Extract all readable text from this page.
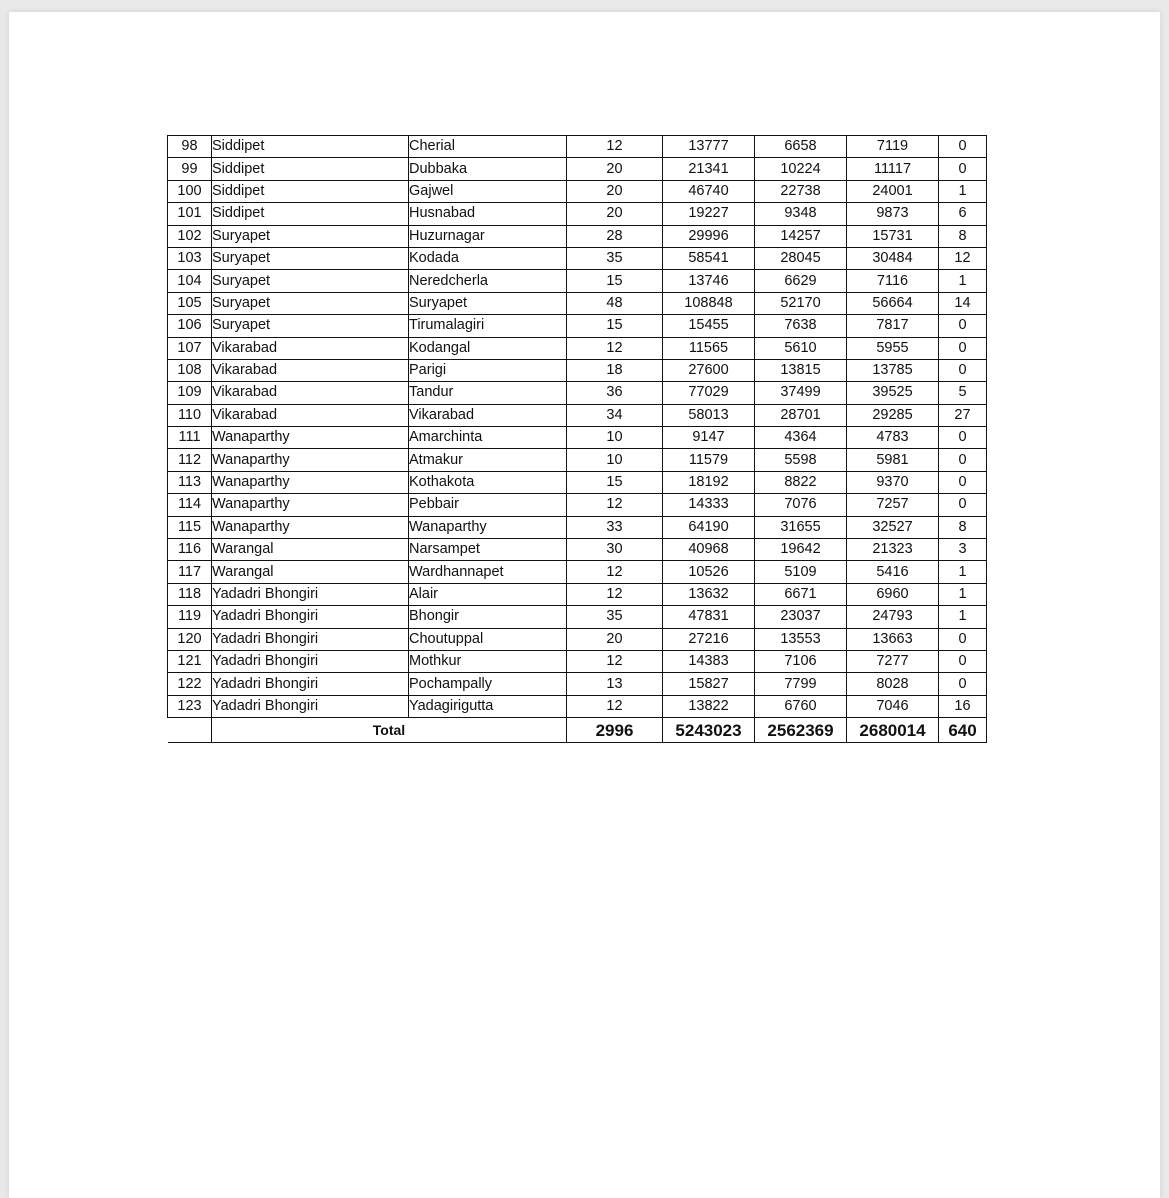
98	Siddipet	Cherial	12	13777	6658	7119	0
99	Siddipet	Dubbaka	20	21341	10224	11117	0
100	Siddipet	Gajwel	20	46740	22738	24001	1
101	Siddipet	Husnabad	20	19227	9348	9873	6
102	Suryapet	Huzurnagar	28	29996	14257	15731	8
103	Suryapet	Kodada	35	58541	28045	30484	12
104	Suryapet	Neredcherla	15	13746	6629	7116	1
105	Suryapet	Suryapet	48	108848	52170	56664	14
106	Suryapet	Tirumalagiri	15	15455	7638	7817	0
107	Vikarabad	Kodangal	12	11565	5610	5955	0
108	Vikarabad	Parigi	18	27600	13815	13785	0
109	Vikarabad	Tandur	36	77029	37499	39525	5
110	Vikarabad	Vikarabad	34	58013	28701	29285	27
111	Wanaparthy	Amarchinta	10	9147	4364	4783	0
112	Wanaparthy	Atmakur	10	11579	5598	5981	0
113	Wanaparthy	Kothakota	15	18192	8822	9370	0
114	Wanaparthy	Pebbair	12	14333	7076	7257	0
115	Wanaparthy	Wanaparthy	33	64190	31655	32527	8
116	Warangal	Narsampet	30	40968	19642	21323	3
117	Warangal	Wardhannapet	12	10526	5109	5416	1
118	Yadadri Bhongiri	Alair	12	13632	6671	6960	1
119	Yadadri Bhongiri	Bhongir	35	47831	23037	24793	1
120	Yadadri Bhongiri	Choutuppal	20	27216	13553	13663	0
121	Yadadri Bhongiri	Mothkur	12	14383	7106	7277	0
122	Yadadri Bhongiri	Pochampally	13	15827	7799	8028	0
123	Yadadri Bhongiri	Yadagirigutta	12	13822	6760	7046	16
	Total		2996	5243023	2562369	2680014	640
